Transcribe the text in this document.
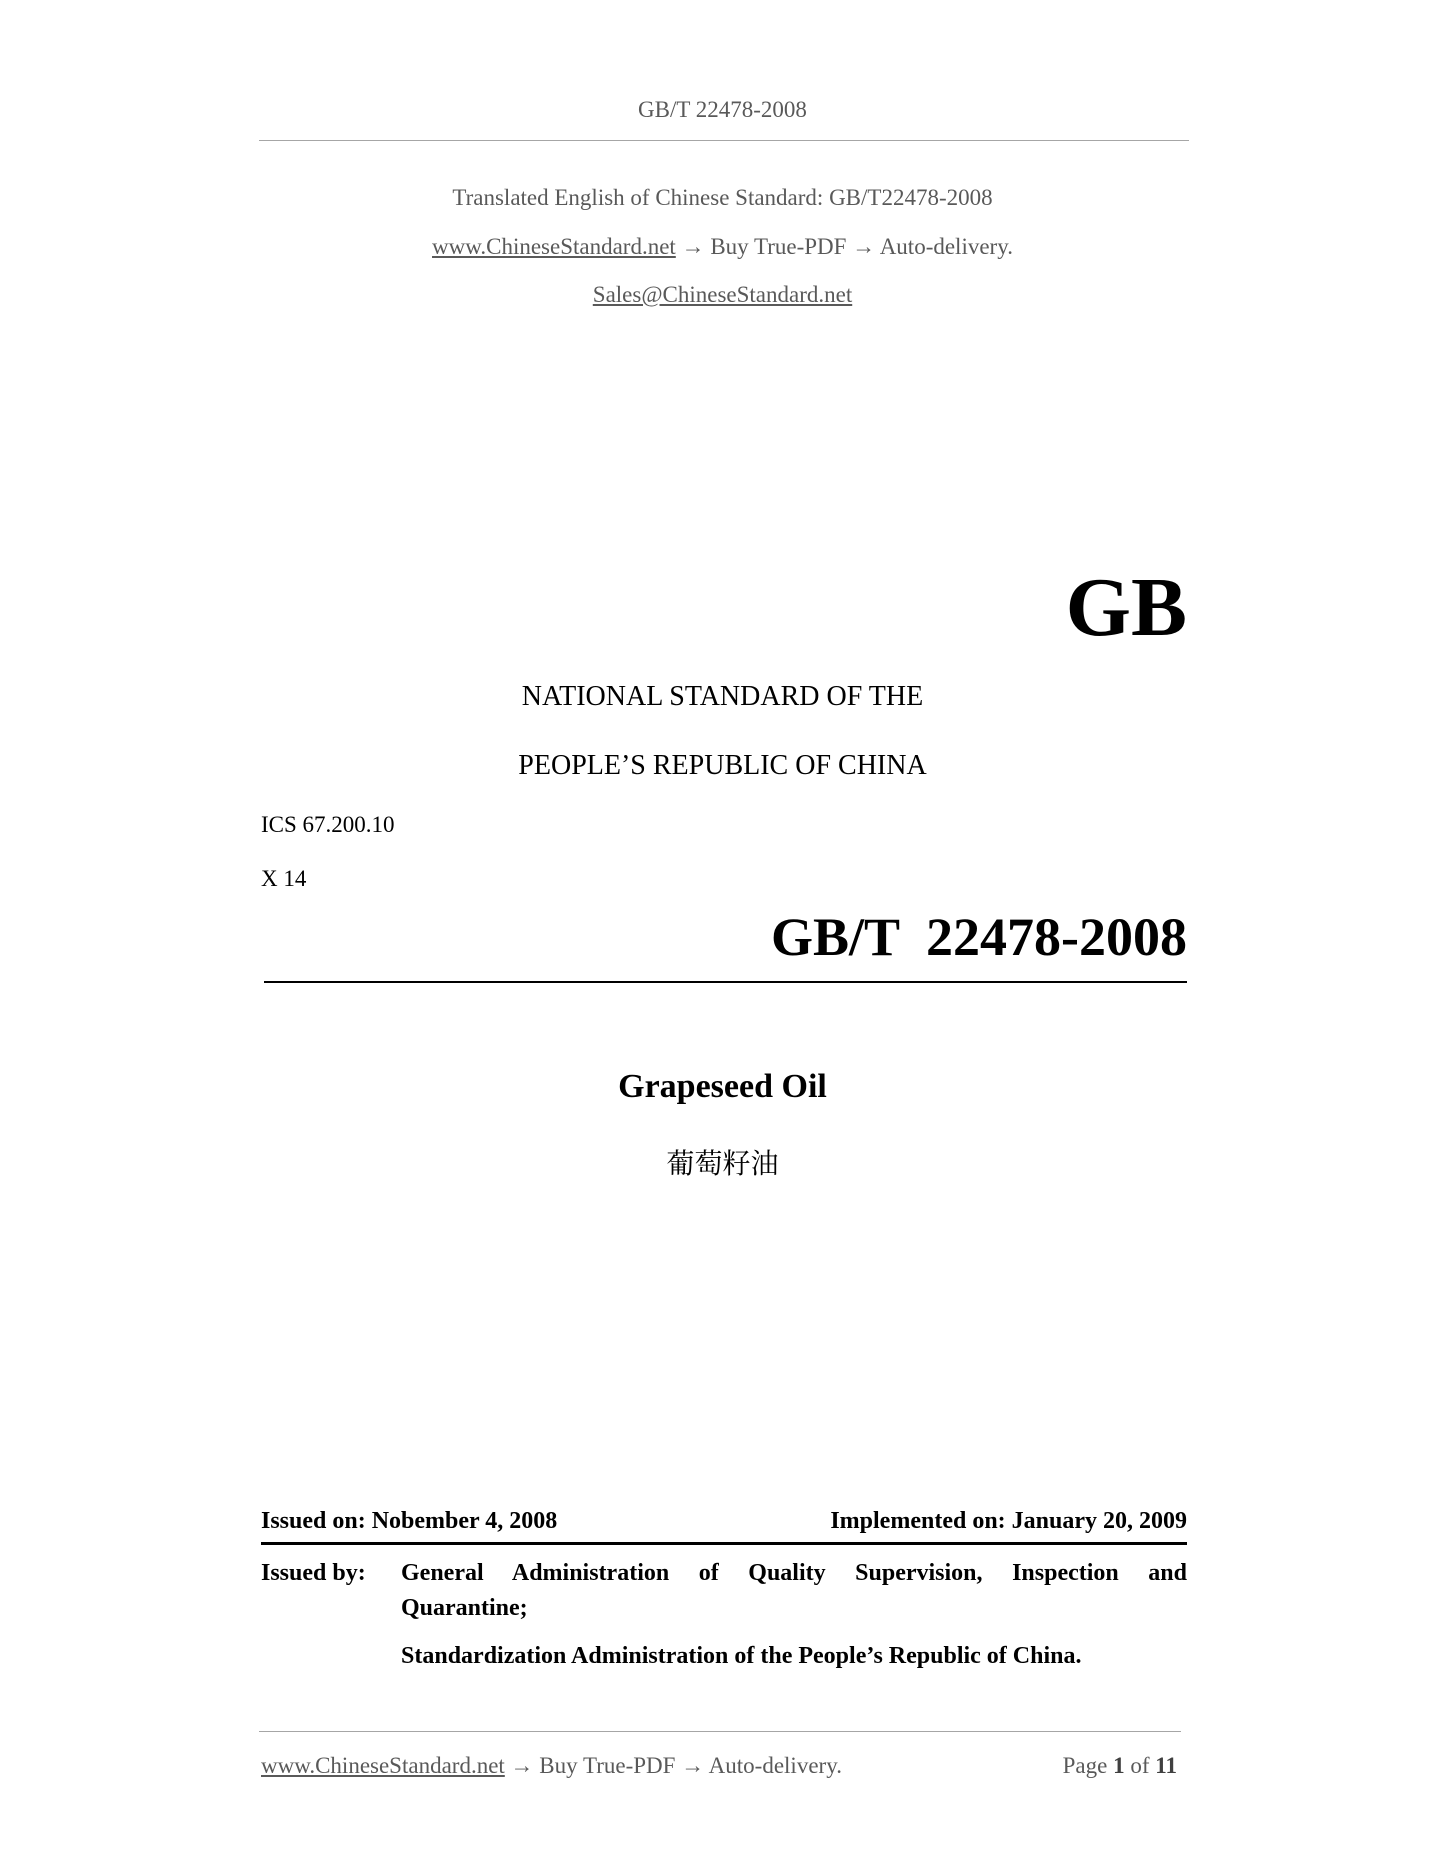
GB/T 22478-2008
Translated English of Chinese Standard: GB/T22478-2008
www.ChineseStandard.net → Buy True-PDF → Auto-delivery.
Sales@ChineseStandard.net
GB
NATIONAL STANDARD OF THE
PEOPLE’S REPUBLIC OF CHINA
ICS 67.200.10
X 14
GB/T  22478-2008
Grapeseed Oil
葡萄籽油
Issued on: Nobember 4, 2008	Implemented on: January 20, 2009
Issued by:	General Administration of Quality Supervision, Inspection and
Quarantine;
Standardization Administration of the People’s Republic of China.
www.ChineseStandard.net → Buy True-PDF → Auto-delivery.	Page 1 of 11
